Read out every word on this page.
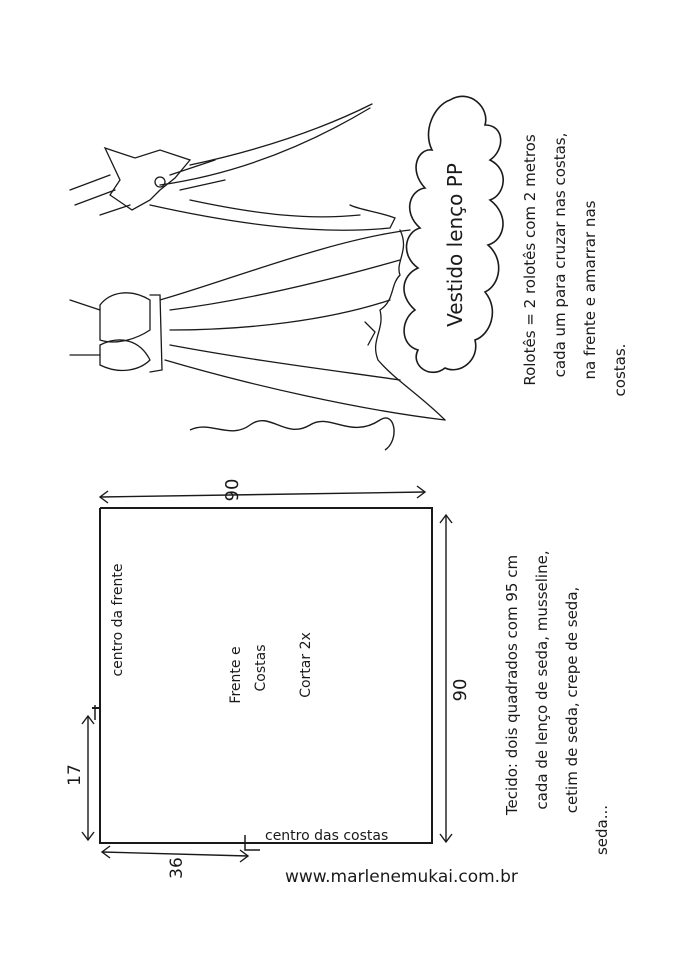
Vestido lenço PP	Rolotês = 2 rolotês com 2 metros cada um para cruzar nas costas, na frente e amarrar nas costas.
90
90
17
36
centro da frente
centro das costas
Frente e Costas Cortar 2x	Tecido: dois quadrados com 95 cm cada de lenço de seda, musseline, cetim de seda, crepe de seda,
seda...
www.marlenemukai.com.br
